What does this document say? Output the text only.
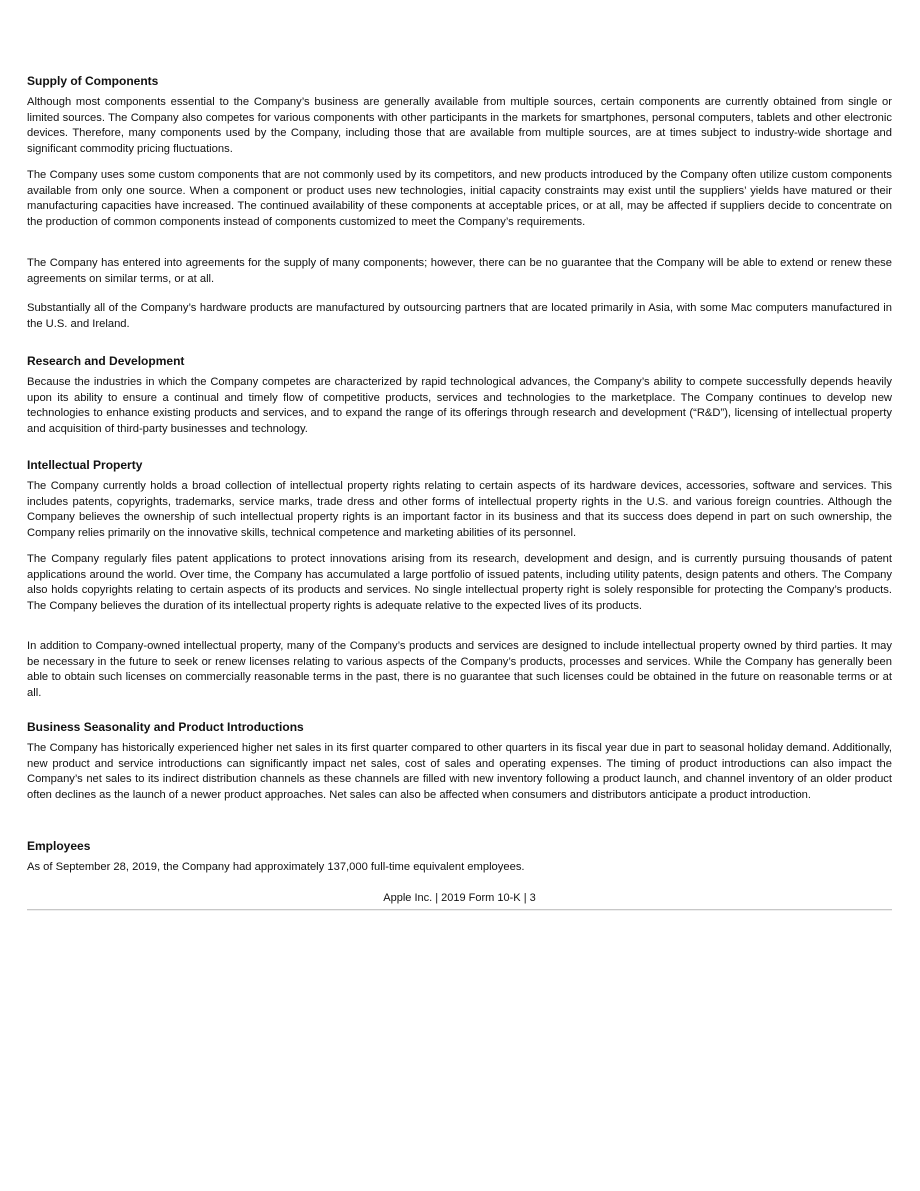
Supply of Components

Although most components essential to the Company’s business are generally available from multiple sources, certain components are currently obtained from single or limited sources. The Company also competes for various components with other participants in the markets for smartphones, personal computers, tablets and other electronic devices. Therefore, many components used by the Company, including those that are available from multiple sources, are at times subject to industry-wide shortage and significant commodity pricing fluctuations.

The Company uses some custom components that are not commonly used by its competitors, and new products introduced by the Company often utilize custom components available from only one source. When a component or product uses new technologies, initial capacity constraints may exist until the suppliers’ yields have matured or their manufacturing capacities have increased. The continued availability of these components at acceptable prices, or at all, may be affected if suppliers decide to concentrate on the production of common components instead of components customized to meet the Company’s requirements.

The Company has entered into agreements for the supply of many components; however, there can be no guarantee that the Company will be able to extend or renew these agreements on similar terms, or at all.

Substantially all of the Company’s hardware products are manufactured by outsourcing partners that are located primarily in Asia, with some Mac computers manufactured in the U.S. and Ireland.

Research and Development

Because the industries in which the Company competes are characterized by rapid technological advances, the Company’s ability to compete successfully depends heavily upon its ability to ensure a continual and timely flow of competitive products, services and technologies to the marketplace. The Company continues to develop new technologies to enhance existing products and services, and to expand the range of its offerings through research and development (“R&D”), licensing of intellectual property and acquisition of third-party businesses and technology.

Intellectual Property

The Company currently holds a broad collection of intellectual property rights relating to certain aspects of its hardware devices, accessories, software and services. This includes patents, copyrights, trademarks, service marks, trade dress and other forms of intellectual property rights in the U.S. and various foreign countries. Although the Company believes the ownership of such intellectual property rights is an important factor in its business and that its success does depend in part on such ownership, the Company relies primarily on the innovative skills, technical competence and marketing abilities of its personnel.

The Company regularly files patent applications to protect innovations arising from its research, development and design, and is currently pursuing thousands of patent applications around the world. Over time, the Company has accumulated a large portfolio of issued patents, including utility patents, design patents and others. The Company also holds copyrights relating to certain aspects of its products and services. No single intellectual property right is solely responsible for protecting the Company’s products. The Company believes the duration of its intellectual property rights is adequate relative to the expected lives of its products.

In addition to Company-owned intellectual property, many of the Company’s products and services are designed to include intellectual property owned by third parties. It may be necessary in the future to seek or renew licenses relating to various aspects of the Company’s products, processes and services. While the Company has generally been able to obtain such licenses on commercially reasonable terms in the past, there is no guarantee that such licenses could be obtained in the future on reasonable terms or at all.

Business Seasonality and Product Introductions

The Company has historically experienced higher net sales in its first quarter compared to other quarters in its fiscal year due in part to seasonal holiday demand. Additionally, new product and service introductions can significantly impact net sales, cost of sales and operating expenses. The timing of product introductions can also impact the Company’s net sales to its indirect distribution channels as these channels are filled with new inventory following a product launch, and channel inventory of an older product often declines as the launch of a newer product approaches. Net sales can also be affected when consumers and distributors anticipate a product introduction.

Employees

As of September 28, 2019, the Company had approximately 137,000 full-time equivalent employees.

Apple Inc. | 2019 Form 10-K | 3
